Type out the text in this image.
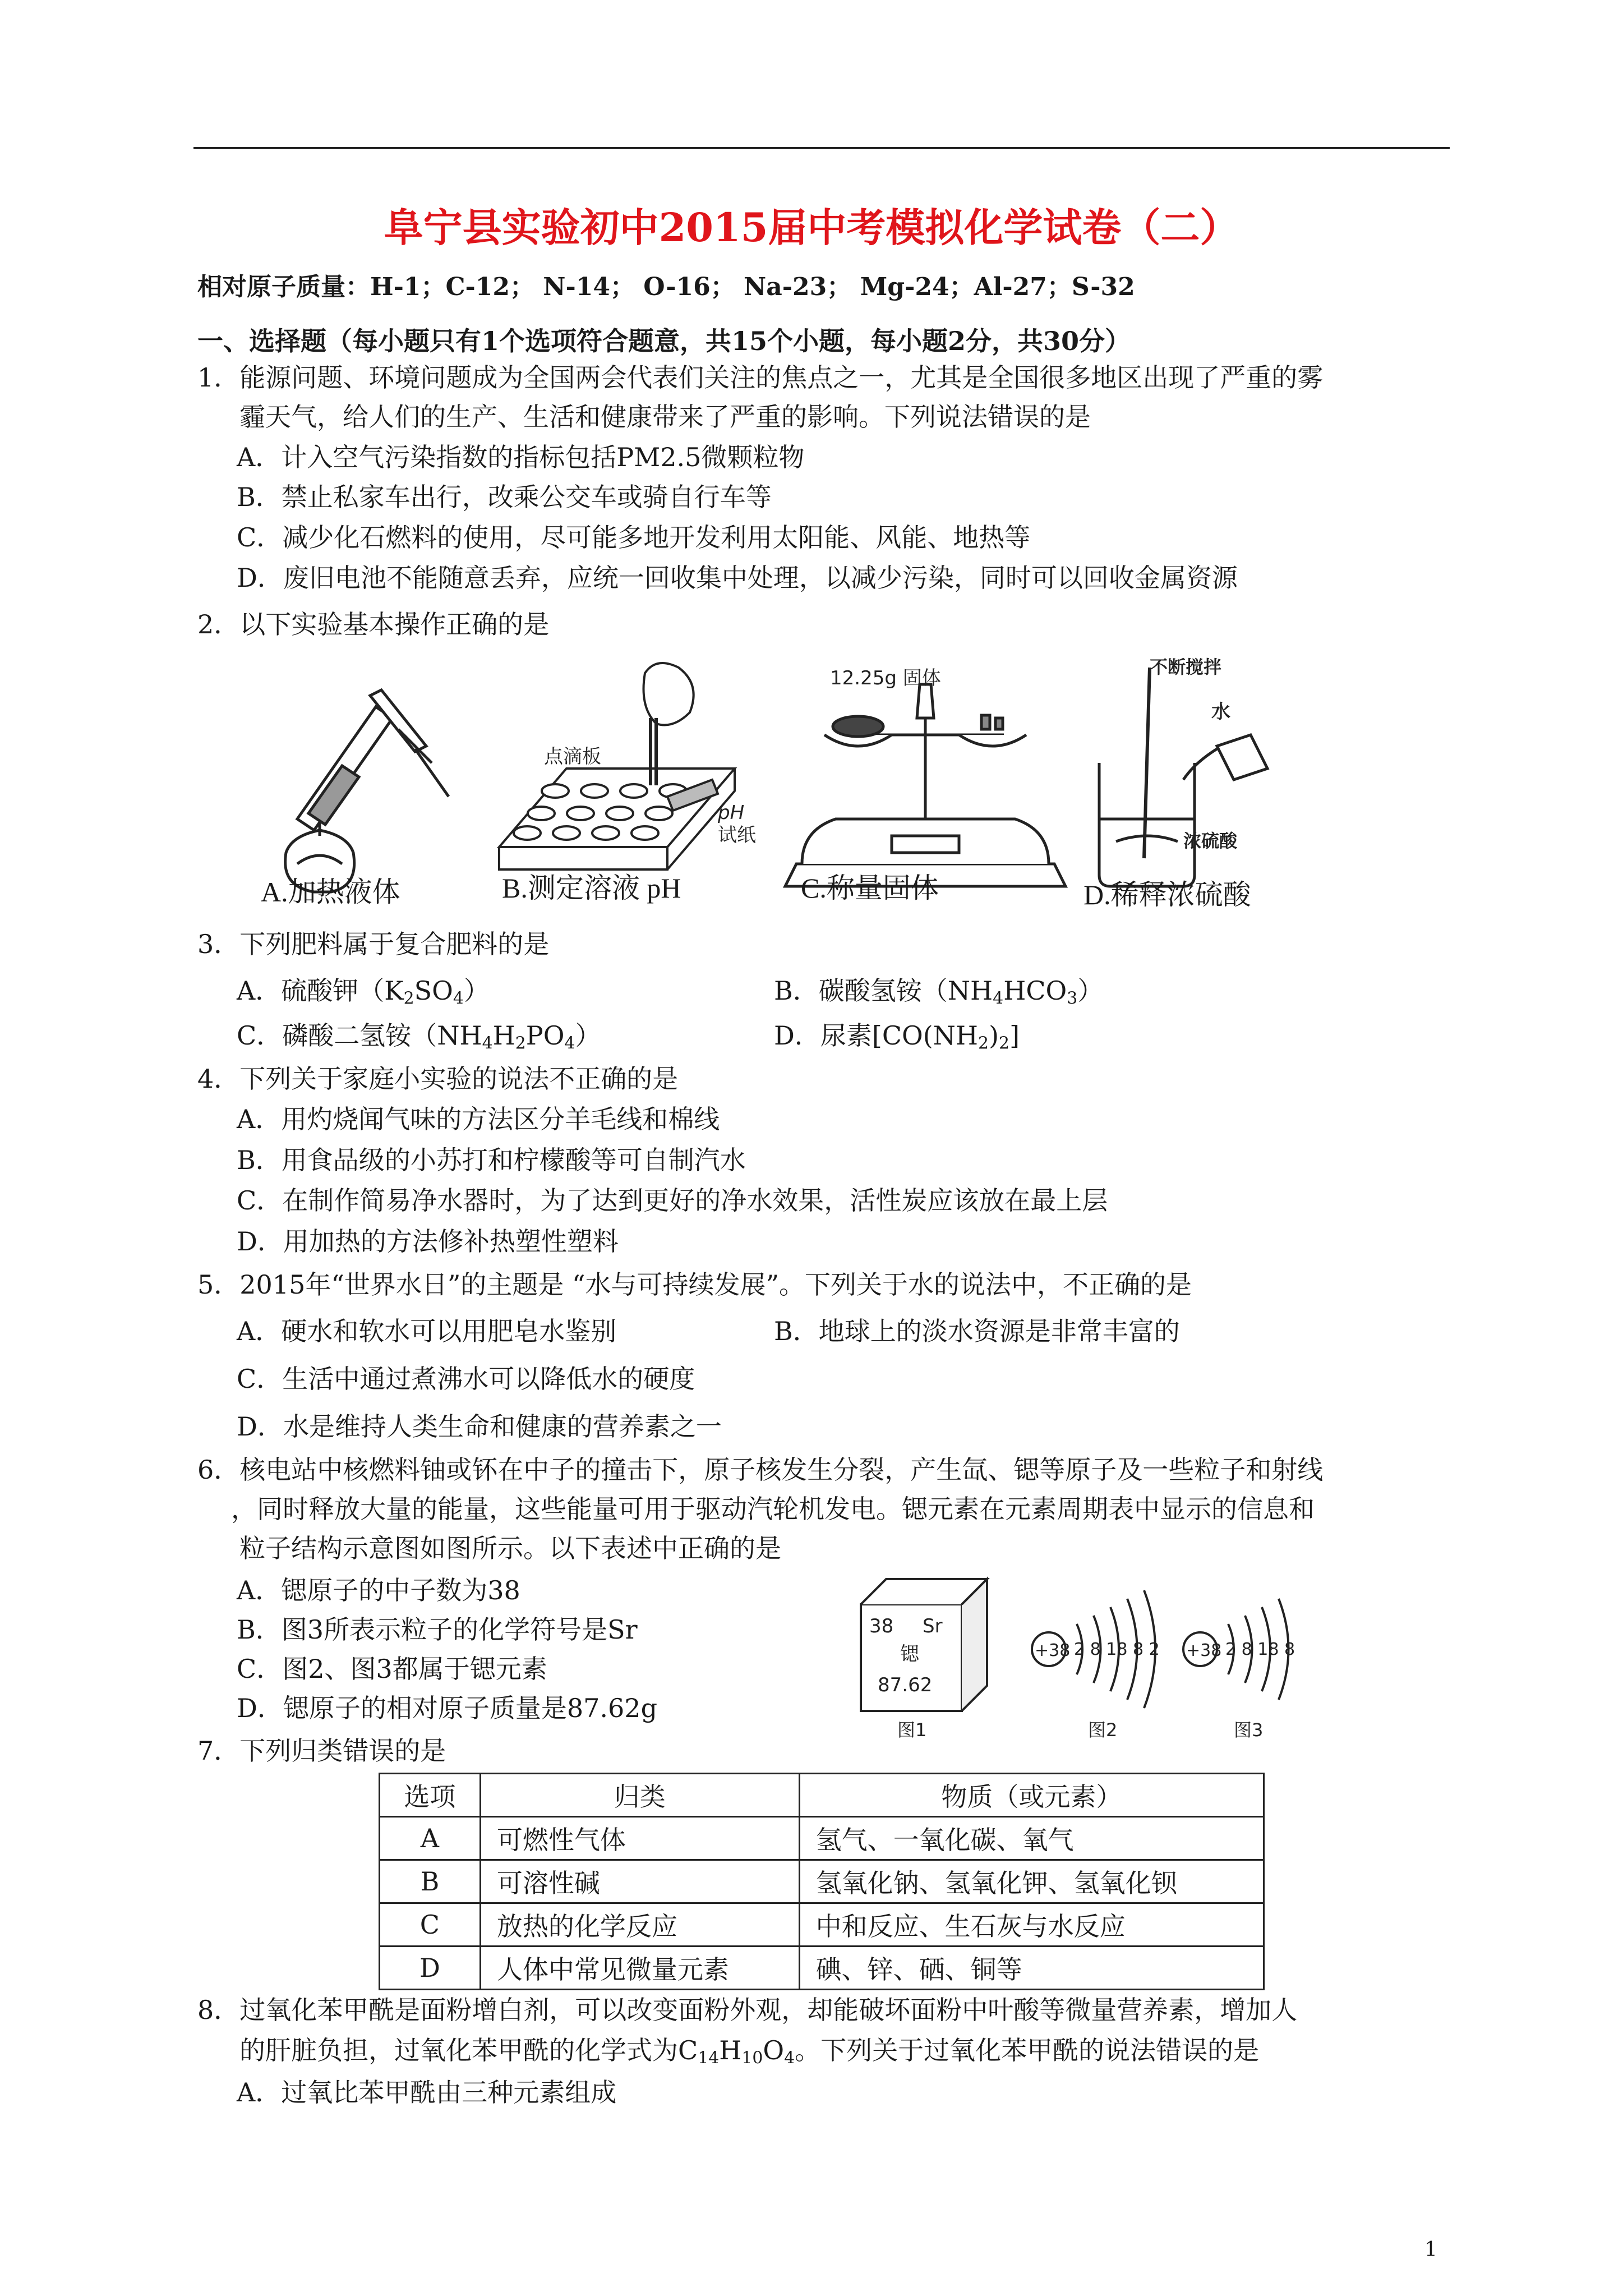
阜宁县实验初中2015届中考模拟化学试卷（二）
相对原子质量：H-1；C-12； N-14； O-16； Na-23； Mg-24；Al-27；S-32
一、选择题（每小题只有1个选项符合题意，共15个小题，每小题2分，共30分）
1．能源问题、环境问题成为全国两会代表们关注的焦点之一，尤其是全国很多地区出现了严重的雾
霾天气，给人们的生产、生活和健康带来了严重的影响。下列说法错误的是
A．计入空气污染指数的指标包括PM2.5微颗粒物
B．禁止私家车出行，改乘公交车或骑自行车等
C．减少化石燃料的使用，尽可能多地开发利用太阳能、风能、地热等
D．废旧电池不能随意丢弃，应统一回收集中处理，以减少污染，同时可以回收金属资源
2．以下实验基本操作正确的是
点滴板
pH
试纸
12.25g 固体	不断搅拌
水
浓硫酸
A.加热液体	B.测定溶液 pH	C.称量固体	D.稀释浓硫酸
3．下列肥料属于复合肥料的是
A．硫酸钾$(K_2SO_4)$	B．碳酸氢铵$(NH_4HCO_3)$
C．磷酸二氢铵$(NH_4H_2PO_4)$	D．尿素$[CO(NH_2)_2]$
4．下列关于家庭小实验的说法不正确的是
A．用灼烧闻气味的方法区分羊毛线和棉线
B．用食品级的小苏打和柠檬酸等可自制汽水
C．在制作简易净水器时，为了达到更好的净水效果，活性炭应该放在最上层
D．用加热的方法修补热塑性塑料
5．2015年“世界水日”的主题是 “水与可持续发展”。下列关于水的说法中，不正确的是
A．硬水和软水可以用肥皂水鉴别	B．地球上的淡水资源是非常丰富的
C．生活中通过煮沸水可以降低水的硬度
D．水是维持人类生命和健康的营养素之一
6．核电站中核燃料铀或钚在中子的撞击下，原子核发生分裂，产生氙、锶等原子及一些粒子和射线
，同时释放大量的能量，这些能量可用于驱动汽轮机发电。锶元素在元素周期表中显示的信息和
粒子结构示意图如图所示。以下表述中正确的是
A．锶原子的中子数为38
B．图3所表示粒子的化学符号是Sr
C．图2、图3都属于锶元素
D．锶原子的相对原子质量是87.62g
38 Sr
锶
87.62
+38 2 8 18 8 2 +38 2 8 18 8
图1	图2	图3
7．下列归类错误的是
选项	归类	物质（或元素）
A	可燃性气体	氢气、一氧化碳、氧气
B	可溶性碱	氢氧化钠、氢氧化钾、氢氧化钡
C	放热的化学反应	中和反应、生石灰与水反应
D	人体中常见微量元素	碘、锌、硒、铜等
8．过氧化苯甲酰是面粉增白剂，可以改变面粉外观，却能破坏面粉中叶酸等微量营养素，增加人
的肝脏负担，过氧化苯甲酰的化学式为$C_{14}H_{10}O_4$。下列关于过氧化苯甲酰的说法错误的是
A．过氧比苯甲酰由三种元素组成
1
